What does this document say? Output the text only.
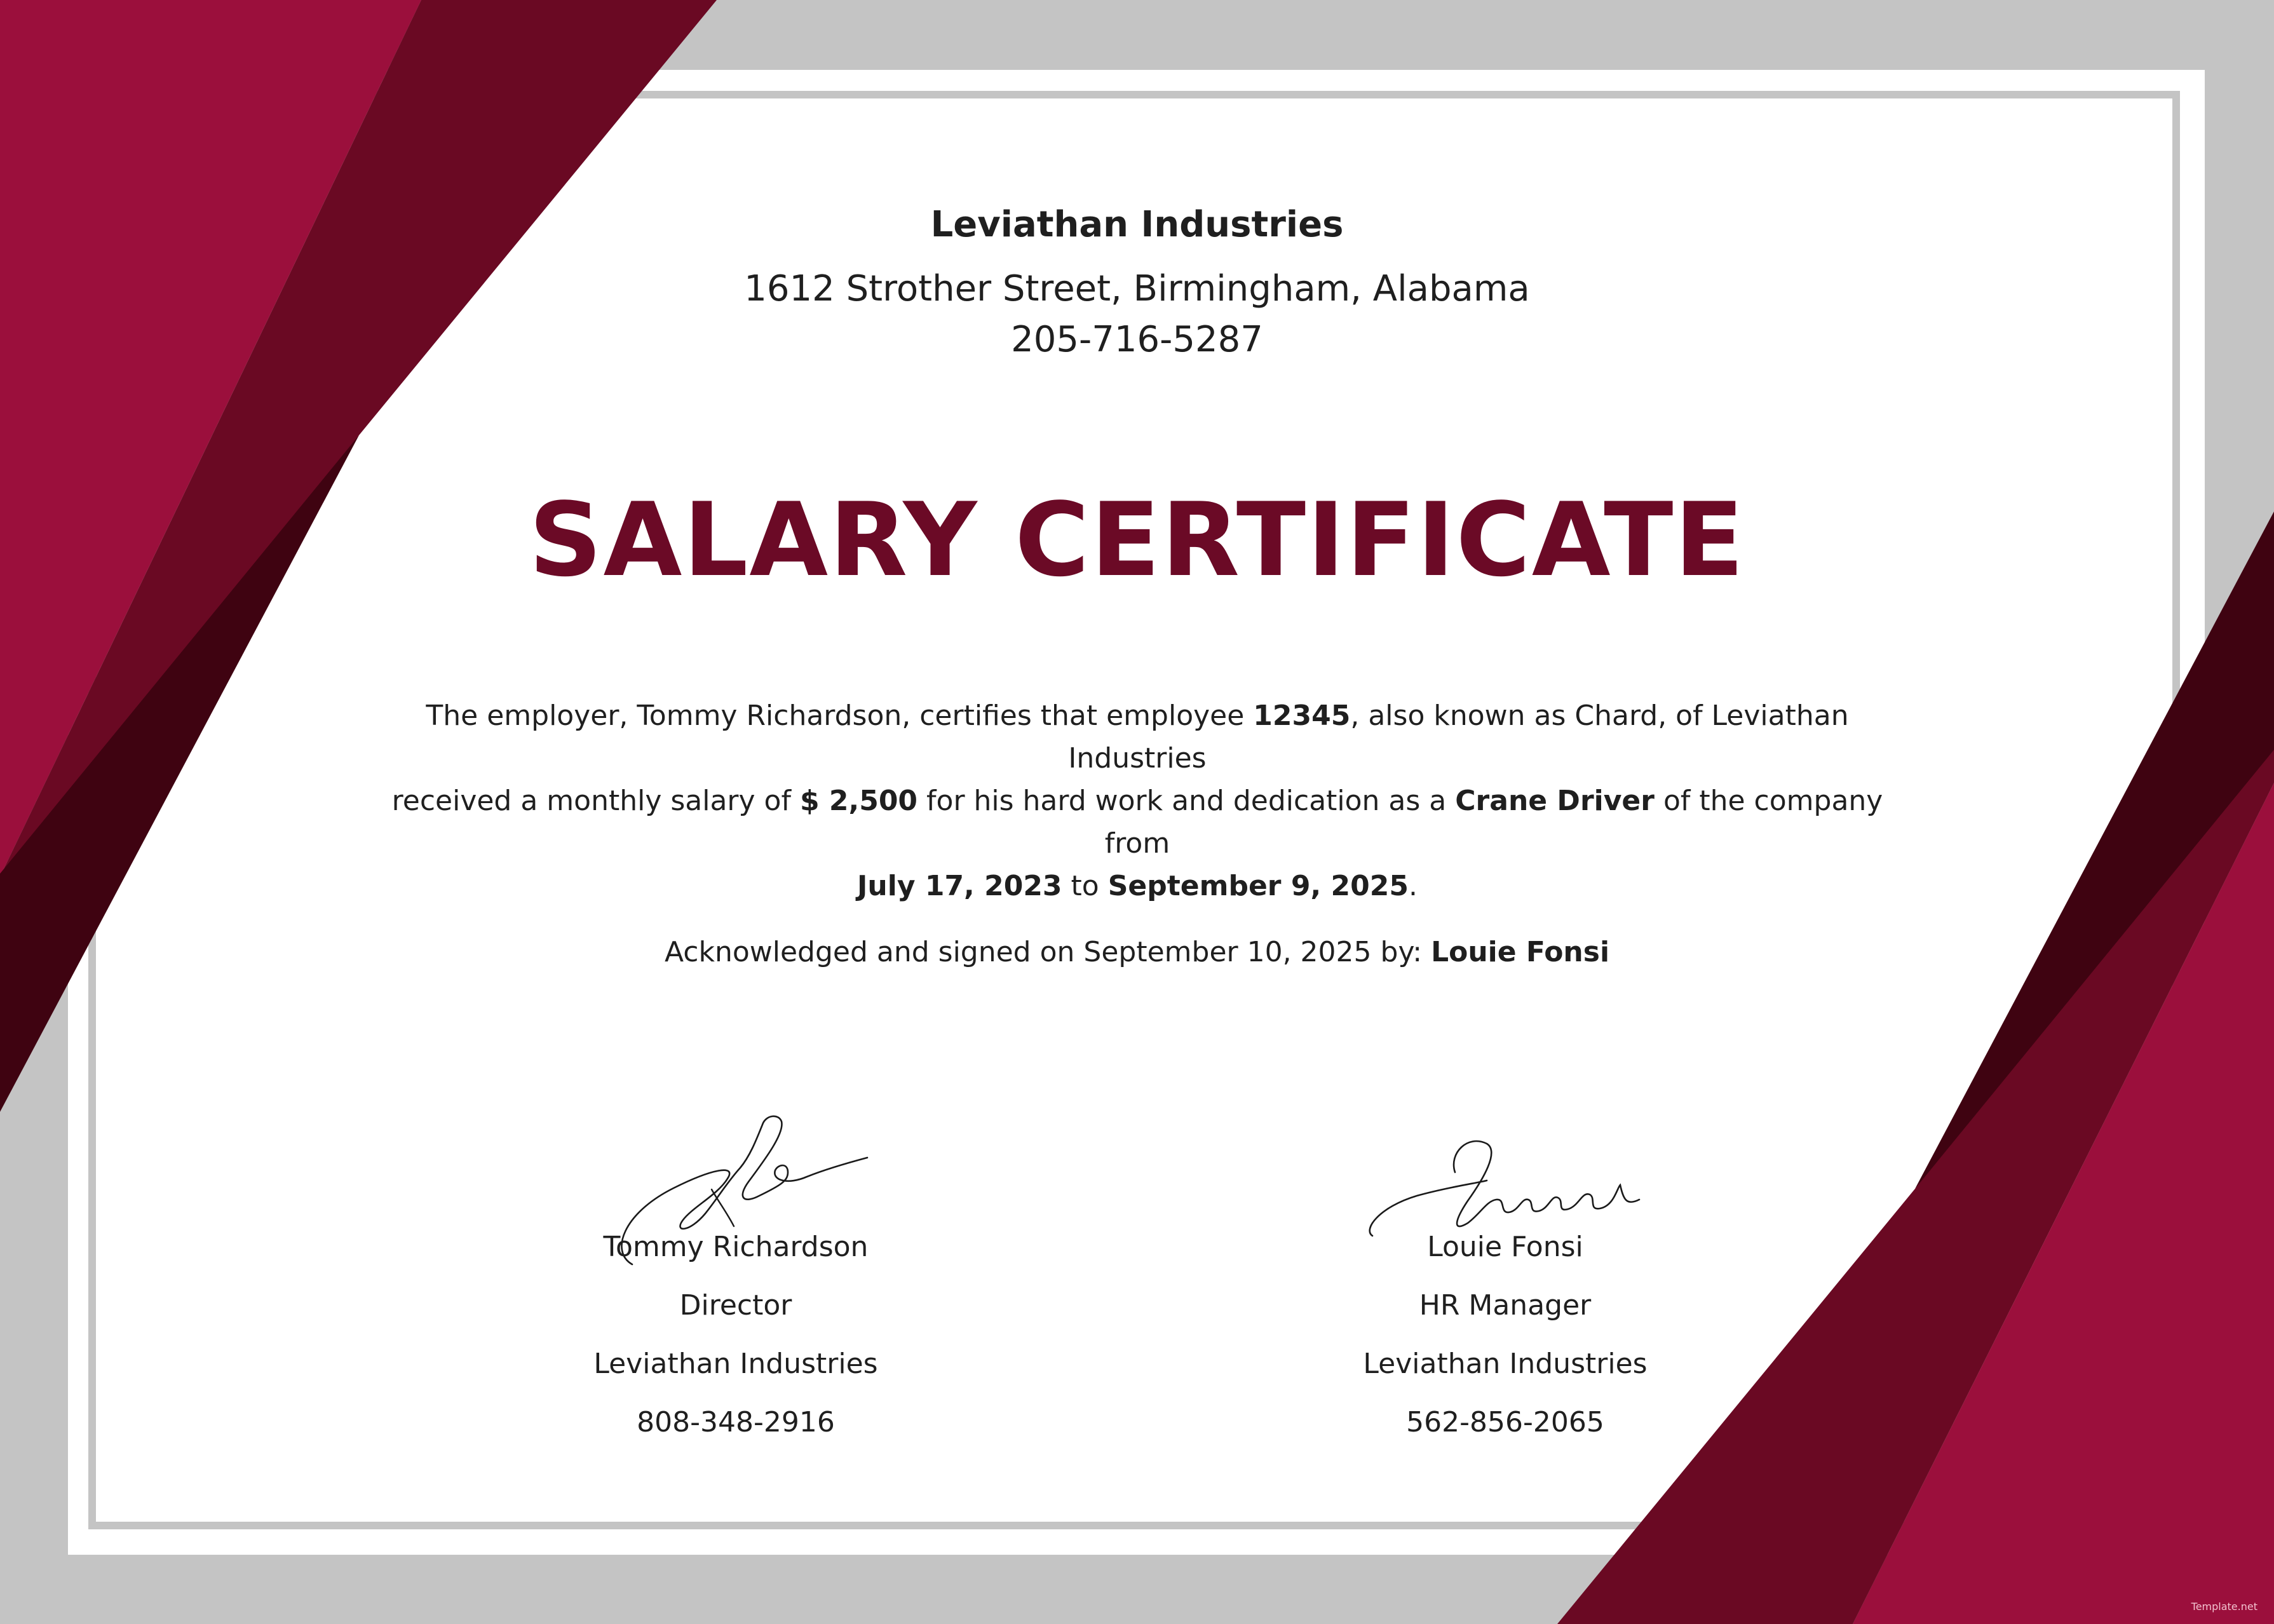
Leviathan Industries
1612 Strother Street, Birmingham, Alabama
205-716-5287
SALARY CERTIFICATE
The employer, Tommy Richardson, certifies that employee 12345, also known as Chard, of Leviathan Industries
received a monthly salary of $ 2,500 for his hard work and dedication as a Crane Driver of the company from
July 17, 2023 to September 9, 2025.
Acknowledged and signed on September 10, 2025 by: Louie Fonsi
Tommy Richardson
Director
Leviathan Industries
808-348-2916
Louie Fonsi
HR Manager
Leviathan Industries
562-856-2065
Template.net
